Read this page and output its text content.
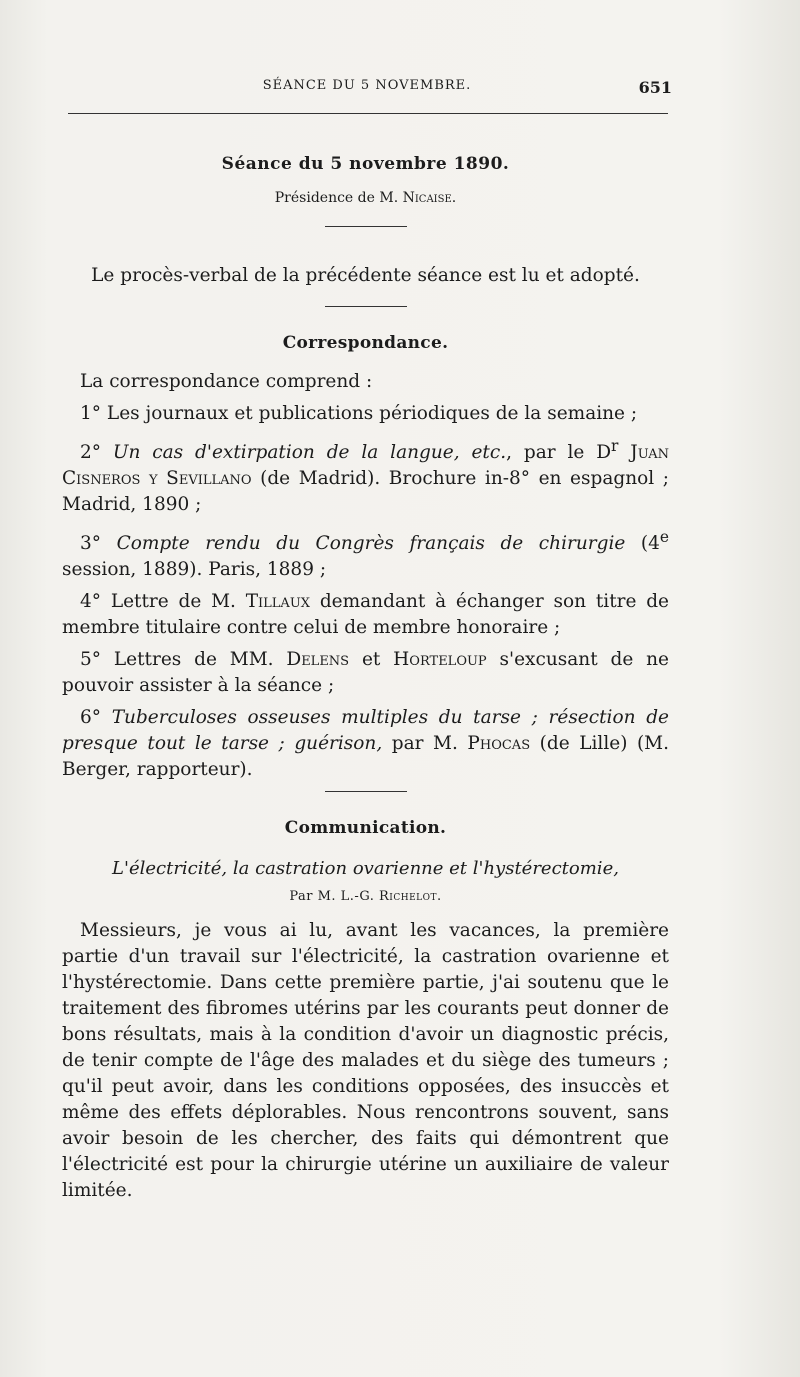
SÉANCE DU 5 NOVEMBRE.	651
Séance du 5 novembre 1890.
Présidence de M. Nicaise.
Le procès-verbal de la précédente séance est lu et adopté.
Correspondance.

La correspondance comprend :

1° Les journaux et publications périodiques de la semaine ;

2° Un cas d'extirpation de la langue, etc., par le $D^r$ Juan Cisneros y Sevillano (de Madrid). Brochure in-8° en espagnol ; Madrid, 1890 ;

3° Compte rendu du Congrès français de chirurgie (4e session, 1889). Paris, 1889 ;

4° Lettre de M. Tillaux demandant à échanger son titre de membre titulaire contre celui de membre honoraire ;

5° Lettres de MM. Delens et Horteloup s'excusant de ne pouvoir assister à la séance ;

6° Tuberculoses osseuses multiples du tarse ; résection de presque tout le tarse ; guérison, par M. Phocas (de Lille) (M. Berger, rapporteur).

Communication.
L'électricité, la castration ovarienne et l'hystérectomie,
Par M. L.-G. Richelot.

Messieurs, je vous ai lu, avant les vacances, la première partie d'un travail sur l'électricité, la castration ovarienne et l'hystérectomie. Dans cette première partie, j'ai soutenu que le traitement des fibromes utérins par les courants peut donner de bons résultats, mais à la condition d'avoir un diagnostic précis, de tenir compte de l'âge des malades et du siège des tumeurs ; qu'il peut avoir, dans les conditions opposées, des insuccès et même des effets déplorables. Nous rencontrons souvent, sans avoir besoin de les chercher, des faits qui démontrent que l'électricité est pour la chirurgie utérine un auxiliaire de valeur limitée.
